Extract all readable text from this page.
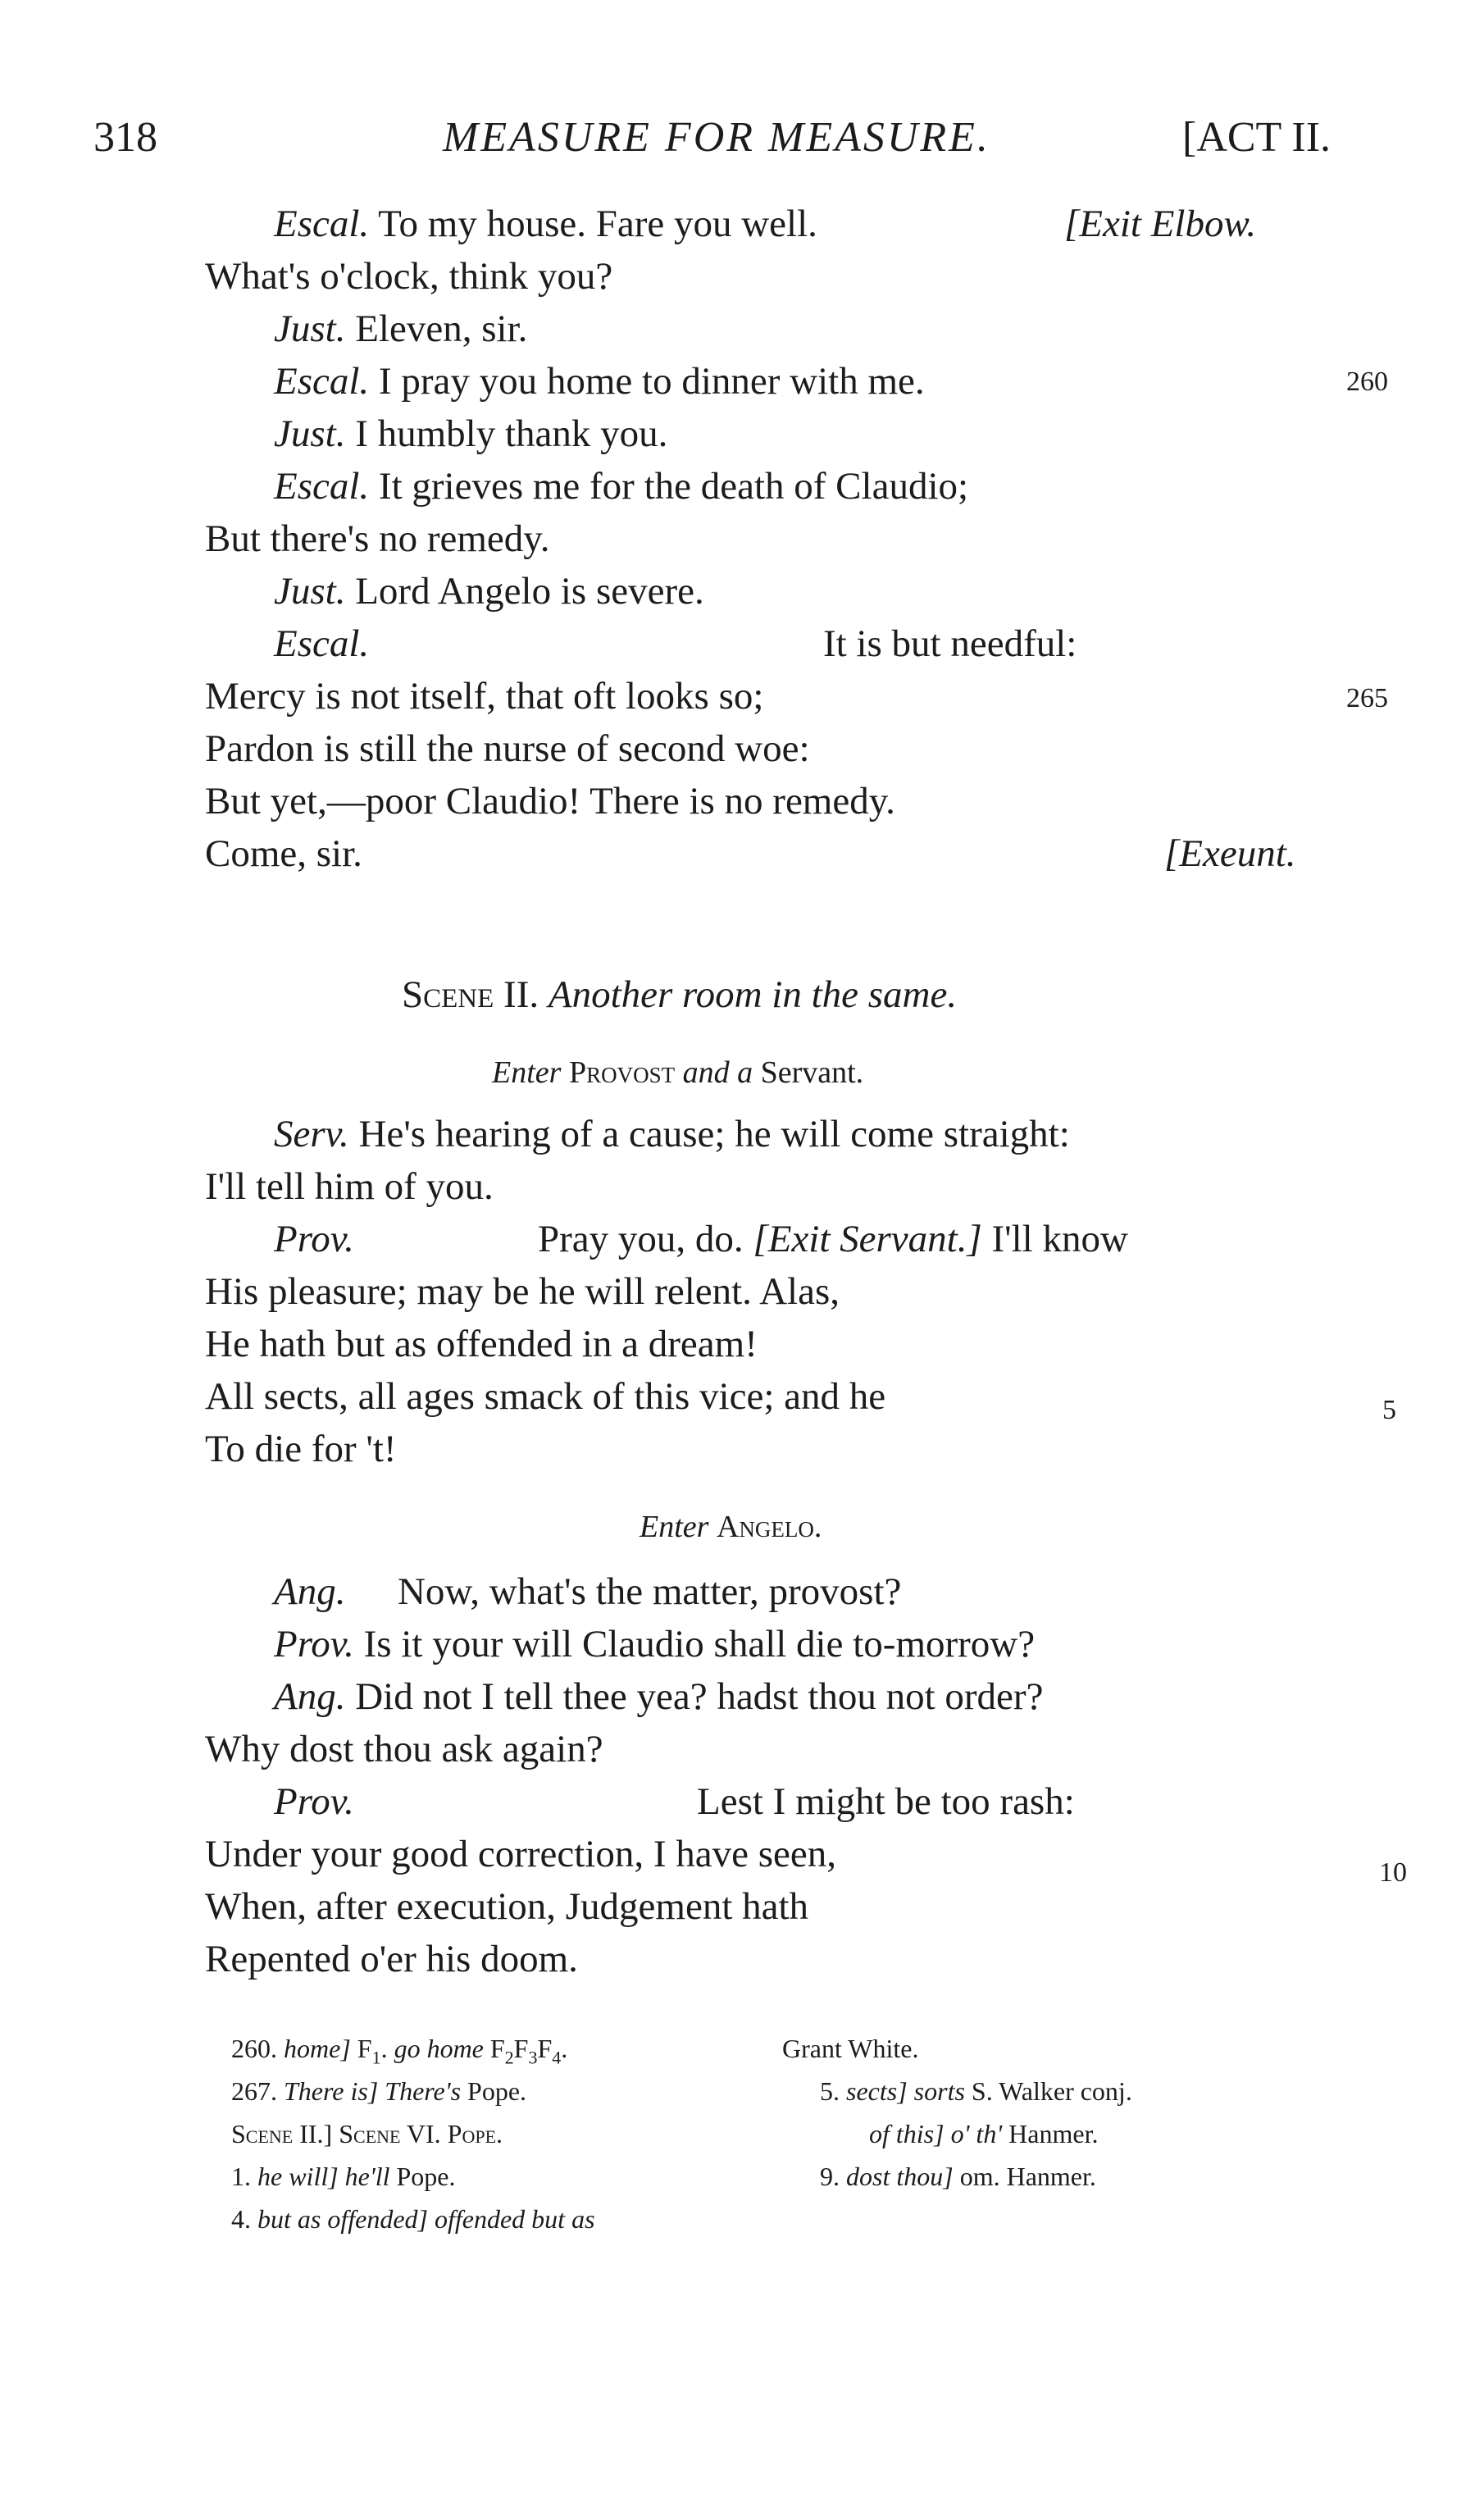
318	MEASURE FOR MEASURE.	[ACT II.
Escal. To my house. Fare you well.	[Exit Elbow.
What's o'clock, think you?
Just. Eleven, sir.
Escal. I pray you home to dinner with me.	260
Just. I humbly thank you.
Escal. It grieves me for the death of Claudio;
But there's no remedy.
Just. Lord Angelo is severe.
Escal.	It is but needful:
Mercy is not itself, that oft looks so;	265
Pardon is still the nurse of second woe:
But yet,—poor Claudio! There is no remedy.
Come, sir.	[Exeunt.
Scene II. Another room in the same.
Enter Provost and a Servant.
Serv. He's hearing of a cause; he will come straight:
I'll tell him of you.
Prov.	Pray you, do. [Exit Servant.] I'll know
His pleasure; may be he will relent. Alas,
He hath but as offended in a dream!
All sects, all ages smack of this vice; and he	5
To die for 't!
Enter Angelo.
Ang. Now, what's the matter, provost?
Prov. Is it your will Claudio shall die to-morrow?
Ang. Did not I tell thee yea? hadst thou not order?
Why dost thou ask again?
Prov.	Lest I might be too rash:
Under your good correction, I have seen,	10
When, after execution, Judgement hath
Repented o'er his doom.
260. home] $F_1$. go home $F_2F_3F_4$.
267. There is] There's Pope.
Scene II.] Scene VI. Pope.
1. he will] he'll Pope.
4. but as offended] offended but as
Grant White.
5. sects] sorts S. Walker conj.
of this] o' th' Hanmer.
9. dost thou] om. Hanmer.
